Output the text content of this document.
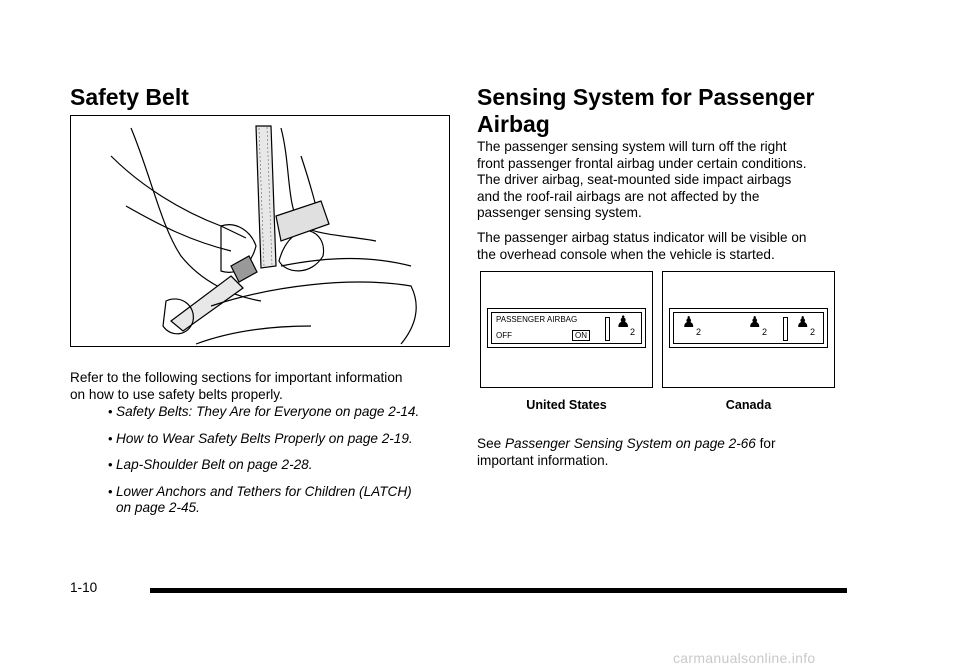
Safety Belt

Refer to the following sections for important information

on how to use safety belts properly.

• Safety Belts: They Are for Everyone on page 2-14.
• How to Wear Safety Belts Properly on page 2-19.
• Lap-Shoulder Belt on page 2-28.
• Lower Anchors and Tethers for Children (LATCH)
on page 2-45.
Sensing System for Passenger
Airbag

The passenger sensing system will turn off the right

front passenger frontal airbag under certain conditions.

The driver airbag, seat-mounted side impact airbags

and the roof-rail airbags are not affected by the

passenger sensing system.

The passenger airbag status indicator will be visible on

the overhead console when the vehicle is started.

PASSENGER AIRBAG
OFF	ON
♟
2
United States
♟
2
♟
2
♟
2
Canada

See Passenger Sensing System on page 2-66 for

important information.

1-10
carmanualsonline.info
